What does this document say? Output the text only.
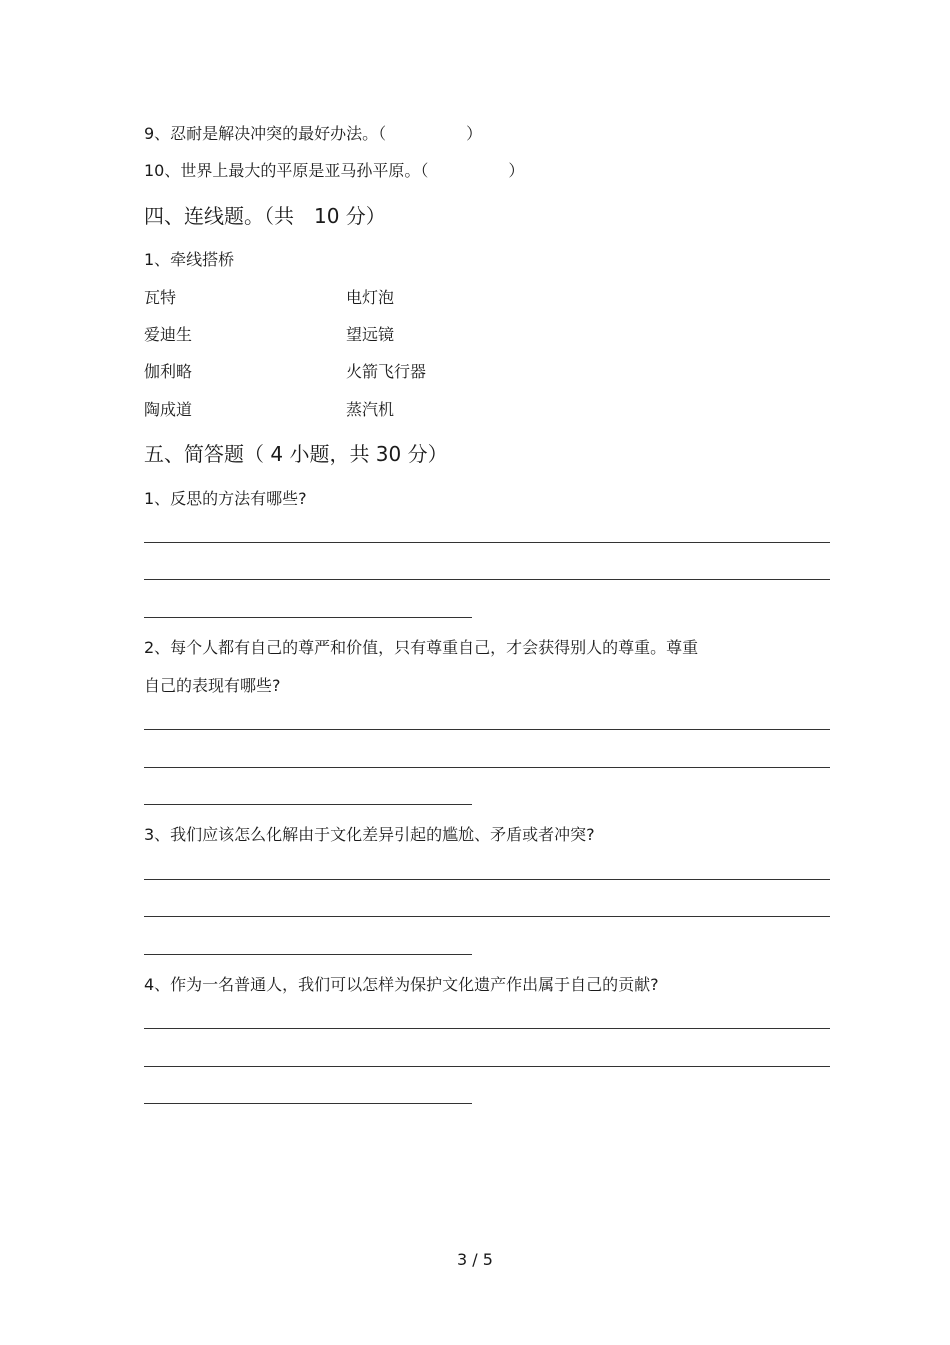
9、忍耐是解决冲突的最好办法。（　　　　　）
10、世界上最大的平原是亚马孙平原。（　　　　　）
四、连线题。（共　10 分）
1、牵线搭桥
瓦特	电灯泡
爱迪生	望远镜
伽利略	火箭飞行器
陶成道	蒸汽机
五、简答题（ 4 小题，共 30 分）
1、反思的方法有哪些?
2、每个人都有自己的尊严和价值，只有尊重自己，才会获得别人的尊重。尊重
自己的表现有哪些?
3、我们应该怎么化解由于文化差异引起的尴尬、矛盾或者冲突?
4、作为一名普通人，我们可以怎样为保护文化遗产作出属于自己的贡献?
3 / 5
